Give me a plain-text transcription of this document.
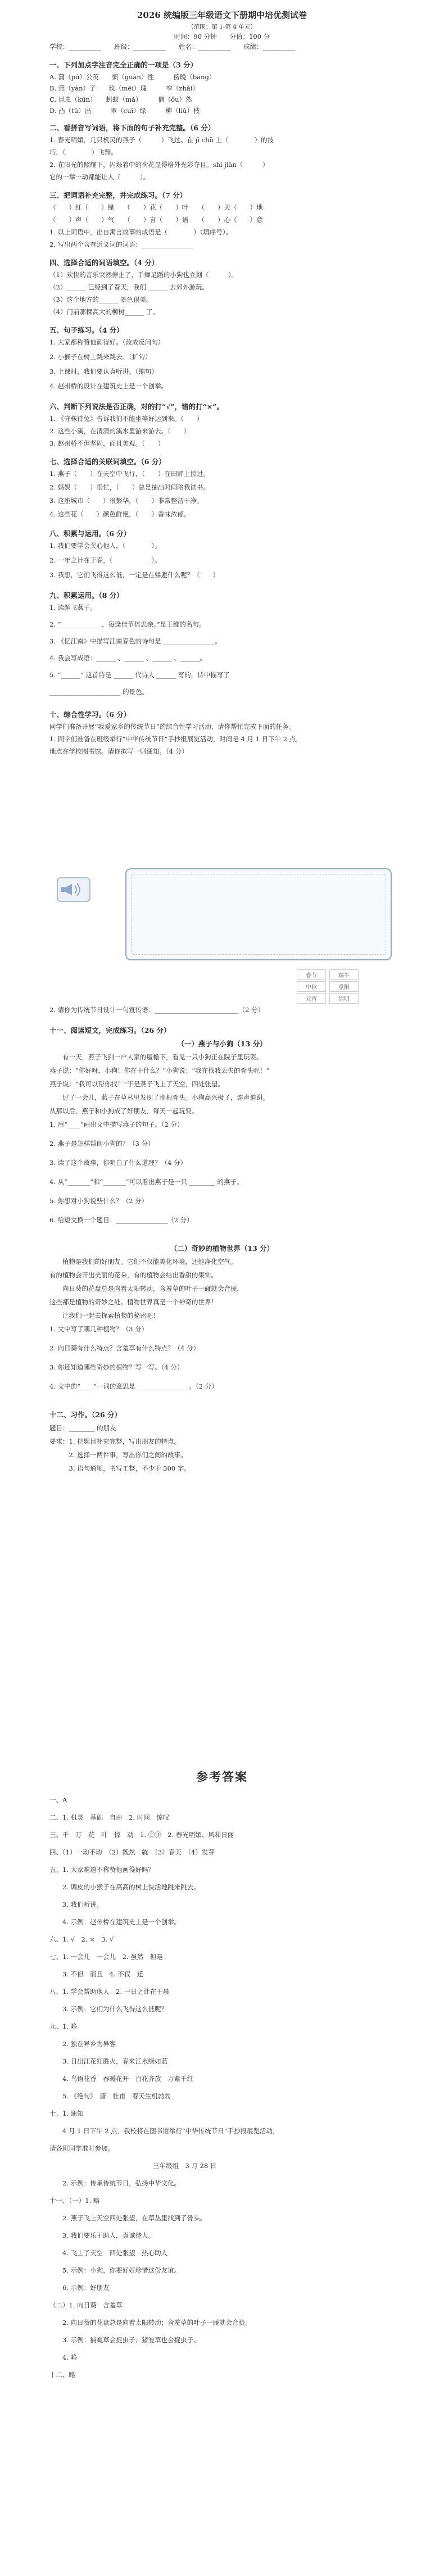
2026 统编版三年级语文下册期中培优测试卷
（范围：第 1-第 4 单元）
时间：90 分钟　　分值：100 分
学校：__________　　班级：__________　　姓名：__________　　成绩：__________
一、下列加点字注音完全正确的一项是（3 分）
A. 蒲（pú）公英　　惯（guàn）性　　　傍晚（bàng）
B. 燕（yàn）子　　玫（méi）瑰　　　窄（zhǎi）
C. 昆虫（kūn）　　蚂蚁（mǎ）　　　偶（ǒu）然
D. 凸（tū）出　　　翠（cuì）绿　　　柳（liǔ）枝
二、看拼音写词语，将下面的句子补充完整。（6 分）
1. 春光明媚，几只机灵的燕子（　　　）飞过。在 jī chǔ 上（　　　　）的技
巧，（　　　　）飞翔。
2. 在阳光的照耀下，闪烁着中的荷花显得格外光彩夺目。shí jiān（　　　）
它的一举一动都能让人（　　　）。
三、把词语补充完整，并完成练习。（7 分）
（　　）红（　　）绿　　（　　）花（　　）叶　　（　　）天（　　）地
（　　）声（　　）气　　（　　）言（　　）语　　（　　）心（　　）意
1. 以上词语中，出自寓言故事的成语是（　　　　）（填序号）。
2. 写出两个含有近义词的词语：________________
四、选择合适的词语填空。（4 分）
（1）欢快的音乐突然停止了，手舞足蹈的小狗也立刻（　　　）。
（2）______ 已经到了春天，我们 ______ 去郊外游玩。
（3）这个地方的______ 景色很美。
（4）门前那棵高大的柳树______ 了。
五、句子练习。（4 分）
1. 大家都称赞他画得好。（改成反问句）
2. 小猴子在树上跳来跳去。（扩句）
3. 上课时，我们要认真听讲。（缩句）
4. 赵州桥的设计在建筑史上是一个创举。
六、判断下列说法是否正确，对的打“√”，错的打“×”。
1. 《守株待兔》告诉我们不能坐等好运到来。（　　）
2. 这些小溪，在清清的溪水里游来游去。（　　）
3. 赵州桥不但坚固，而且美观。（　　）
七、选择合适的关联词填空。（6 分）
1. 燕子（　　）在天空中飞行，（　　）在田野上掠过。
2. 妈妈（　　）很忙，（　　）总是抽出时间陪我读书。
3. 这座城市（　　）很繁华，（　　）非常整洁干净。
4. 这些花（　　）颜色鲜艳，（　　）香味浓郁。
八、积累与运用。（6 分）
1. 我们要学会关心他人，（　　　　）。
2. 一年之计在于春，（　　　　　　）。
3. 我想，它们飞得这么低，一定是在躲避什么呢？（　　）
九、积累运用。（8 分）
1. 读题飞燕子。
2. “____________ ，每逢佳节倍思亲。”是王维的名句。
3. 《忆江南》中描写江南春色的诗句是 ________________。
4. 我会写成语：______ 、______ 、______ 、______。
5. “______” 这首诗是 ______ 代诗人 ______ 写的，诗中描写了
______________________ 的景色。
十、综合性学习。（6 分）
同学们准备开展“我爱家乡的传统节日”的综合性学习活动，请你帮忙完成下面的任务。
1. 同学们准备在班级举行“中华传统节日”手抄报展览活动，时间是 4 月 1 日下午 2 点，
地点在学校图书馆。请你拟写一则通知。（4 分）
2. 请你为传统节日设计一句宣传语：__________________________（2 分）
十一、阅读短文，完成练习。（26 分）
（一）燕子与小狗（13 分）
　　有一天，燕子飞到一户人家的屋檐下，看见一只小狗正在院子里玩耍。
燕子说：“你好呀，小狗！你在干什么？”小狗说：“我在找我丢失的骨头呢！”
燕子说：“我可以帮你找！”于是燕子飞上了天空，四处张望。
　　过了一会儿，燕子在草丛里发现了那根骨头。小狗高兴极了，连声道谢。
从那以后，燕子和小狗成了好朋友，每天一起玩耍。
1. 用“____”画出文中描写燕子的句子。（2 分）
2. 燕子是怎样帮助小狗的？（3 分）
3. 读了这个故事，你明白了什么道理？（4 分）
4. 从“_______”和“_______”可以看出燕子是一只 ________ 的燕子。
5. 你想对小狗说些什么？（2 分）
6. 给短文换一个题目：________________（2 分）
（二）奇妙的植物世界（13 分）
　　植物是我们的好朋友。它们不仅能美化环境，还能净化空气。
有的植物会开出美丽的花朵，有的植物会结出香甜的果实。
　　向日葵的花盘总是向着太阳转动，含羞草的叶子一碰就会合拢，
这些都是植物的奇妙之处。植物世界真是一个神奇的世界！
　　让我们一起去探索植物的秘密吧！
1. 文中写了哪几种植物？（3 分）
2. 向日葵有什么特点？含羞草有什么特点？（4 分）
3. 你还知道哪些奇妙的植物？写一写。（4 分）
4. 文中的“____”一词的意思是 ________________。（2 分）
十二、习作。（26 分）
题目：________ 的朋友
要求：1. 把题目补充完整，写出朋友的特点。
　　　2. 选择一两件事，写出你们之间的故事。
　　　3. 语句通顺，书写工整，不少于 300 字。
春节	端午
中秋	重阳
元宵	清明
参考答案
一、A
二、1. 机灵　基础　自由　2. 时间　惊叹
三、千　万　花　叶　惊　动　1. ②③　2. 春光明媚、风和日丽
四、（1）一动不动　（2）既然　就　（3）春天　（4）发芽
五、1. 大家难道不称赞他画得好吗？
　　2. 调皮的小猴子在高高的树上快活地跳来跳去。
　　3. 我们听讲。
　　4. 示例：赵州桥在建筑史上是一个创举。
六、1. √　2. ×　3. √
七、1. 一会儿　一会儿　2. 虽然　但是
　　3. 不但　而且　4. 不仅　还
八、1. 学会帮助他人　2. 一日之计在于晨
　　3. 示例：它们为什么飞得这么低呢？
九、1. 略
　　2. 独在异乡为异客
　　3. 日出江花红胜火，春来江水绿如蓝
　　4. 鸟语花香　春暖花开　百花齐放　万紫千红
　　5. 《绝句》　唐　杜甫　春天生机勃勃
十、1. 通知
　　4 月 1 日下午 2 点，我校将在图书馆举行“中华传统节日”手抄报展览活动，
请各班同学准时参加。
　　　　　　　　　　　　　　　　三年级组　3 月 28 日
　　2. 示例：传承传统节日，弘扬中华文化。
十一、（一）1. 略
　　2. 燕子飞上天空四处张望，在草丛里找到了骨头。
　　3. 我们要乐于助人，真诚待人。
　　4. 飞上了天空　四处张望　热心助人
　　5. 示例：小狗，你要好好珍惜这份友谊。
　　6. 示例：好朋友
（二）1. 向日葵　含羞草
　　2. 向日葵的花盘总是向着太阳转动；含羞草的叶子一碰就会合拢。
　　3. 示例：捕蝇草会捉虫子；猪笼草也会捉虫子。
　　4. 略
十二、略
